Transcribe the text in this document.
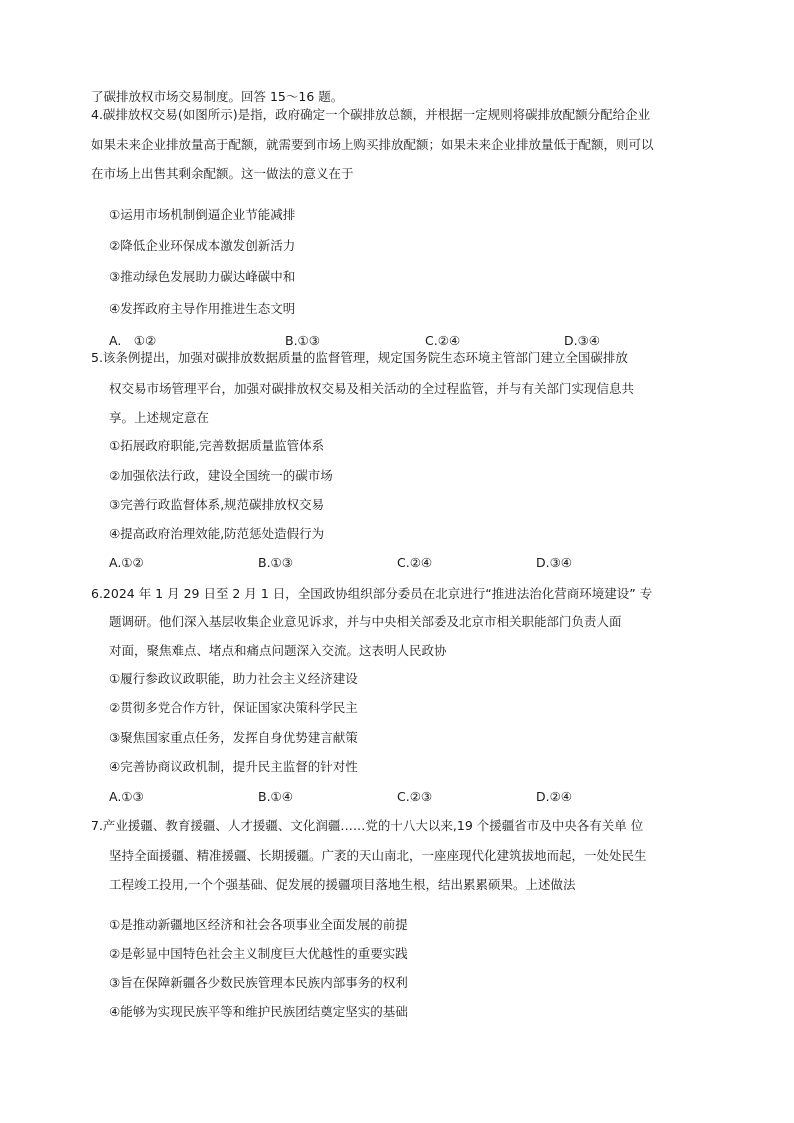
了碳排放权市场交易制度。回答 15～16 题。
4.碳排放权交易(如图所示)是指，政府确定一个碳排放总额，并根据一定规则将碳排放配额分配给企业
如果未来企业排放量高于配额，就需要到市场上购买排放配额；如果未来企业排放量低于配额，则可以
在市场上出售其剩余配额。这一做法的意义在于
①运用市场机制倒逼企业节能减排
②降低企业环保成本激发创新活力
③推动绿色发展助力碳达峰碳中和
④发挥政府主导作用推进生态文明
A.　①②	B.①③	C.②④	D.③④
5.该条例提出，加强对碳排放数据质量的监督管理，规定国务院生态环境主管部门建立全国碳排放
权交易市场管理平台，加强对碳排放权交易及相关活动的全过程监管，并与有关部门实现信息共
享。上述规定意在
①拓展政府职能,完善数据质量监管体系
②加强依法行政，建设全国统一的碳市场
③完善行政监督体系,规范碳排放权交易
④提高政府治理效能,防范惩处造假行为
A.①②	B.①③	C.②④	D.③④
6.2024 年 1 月 29 日至 2 月 1 日，全国政协组织部分委员在北京进行“推进法治化营商环境建设” 专
题调研。他们深入基层收集企业意见诉求，并与中央相关部委及北京市相关职能部门负责人面
对面，聚焦难点、堵点和痛点问题深入交流。这表明人民政协
①履行参政议政职能，助力社会主义经济建设
②贯彻多党合作方针，保证国家决策科学民主
③聚焦国家重点任务，发挥自身优势建言献策
④完善协商议政机制，提升民主监督的针对性
A.①③	B.①④	C.②③	D.②④
7.产业援疆、教育援疆、人才援疆、文化润疆……党的十八大以来,19 个援疆省市及中央各有关单 位
坚持全面援疆、精准援疆、长期援疆。广袤的天山南北，一座座现代化建筑拔地而起，一处处民生
工程竣工投用,一个个强基础、促发展的援疆项目落地生根，结出累累硕果。上述做法
①是推动新疆地区经济和社会各项事业全面发展的前提
②是彰显中国特色社会主义制度巨大优越性的重要实践
③旨在保障新疆各少数民族管理本民族内部事务的权利
④能够为实现民族平等和维护民族团结奠定坚实的基础
